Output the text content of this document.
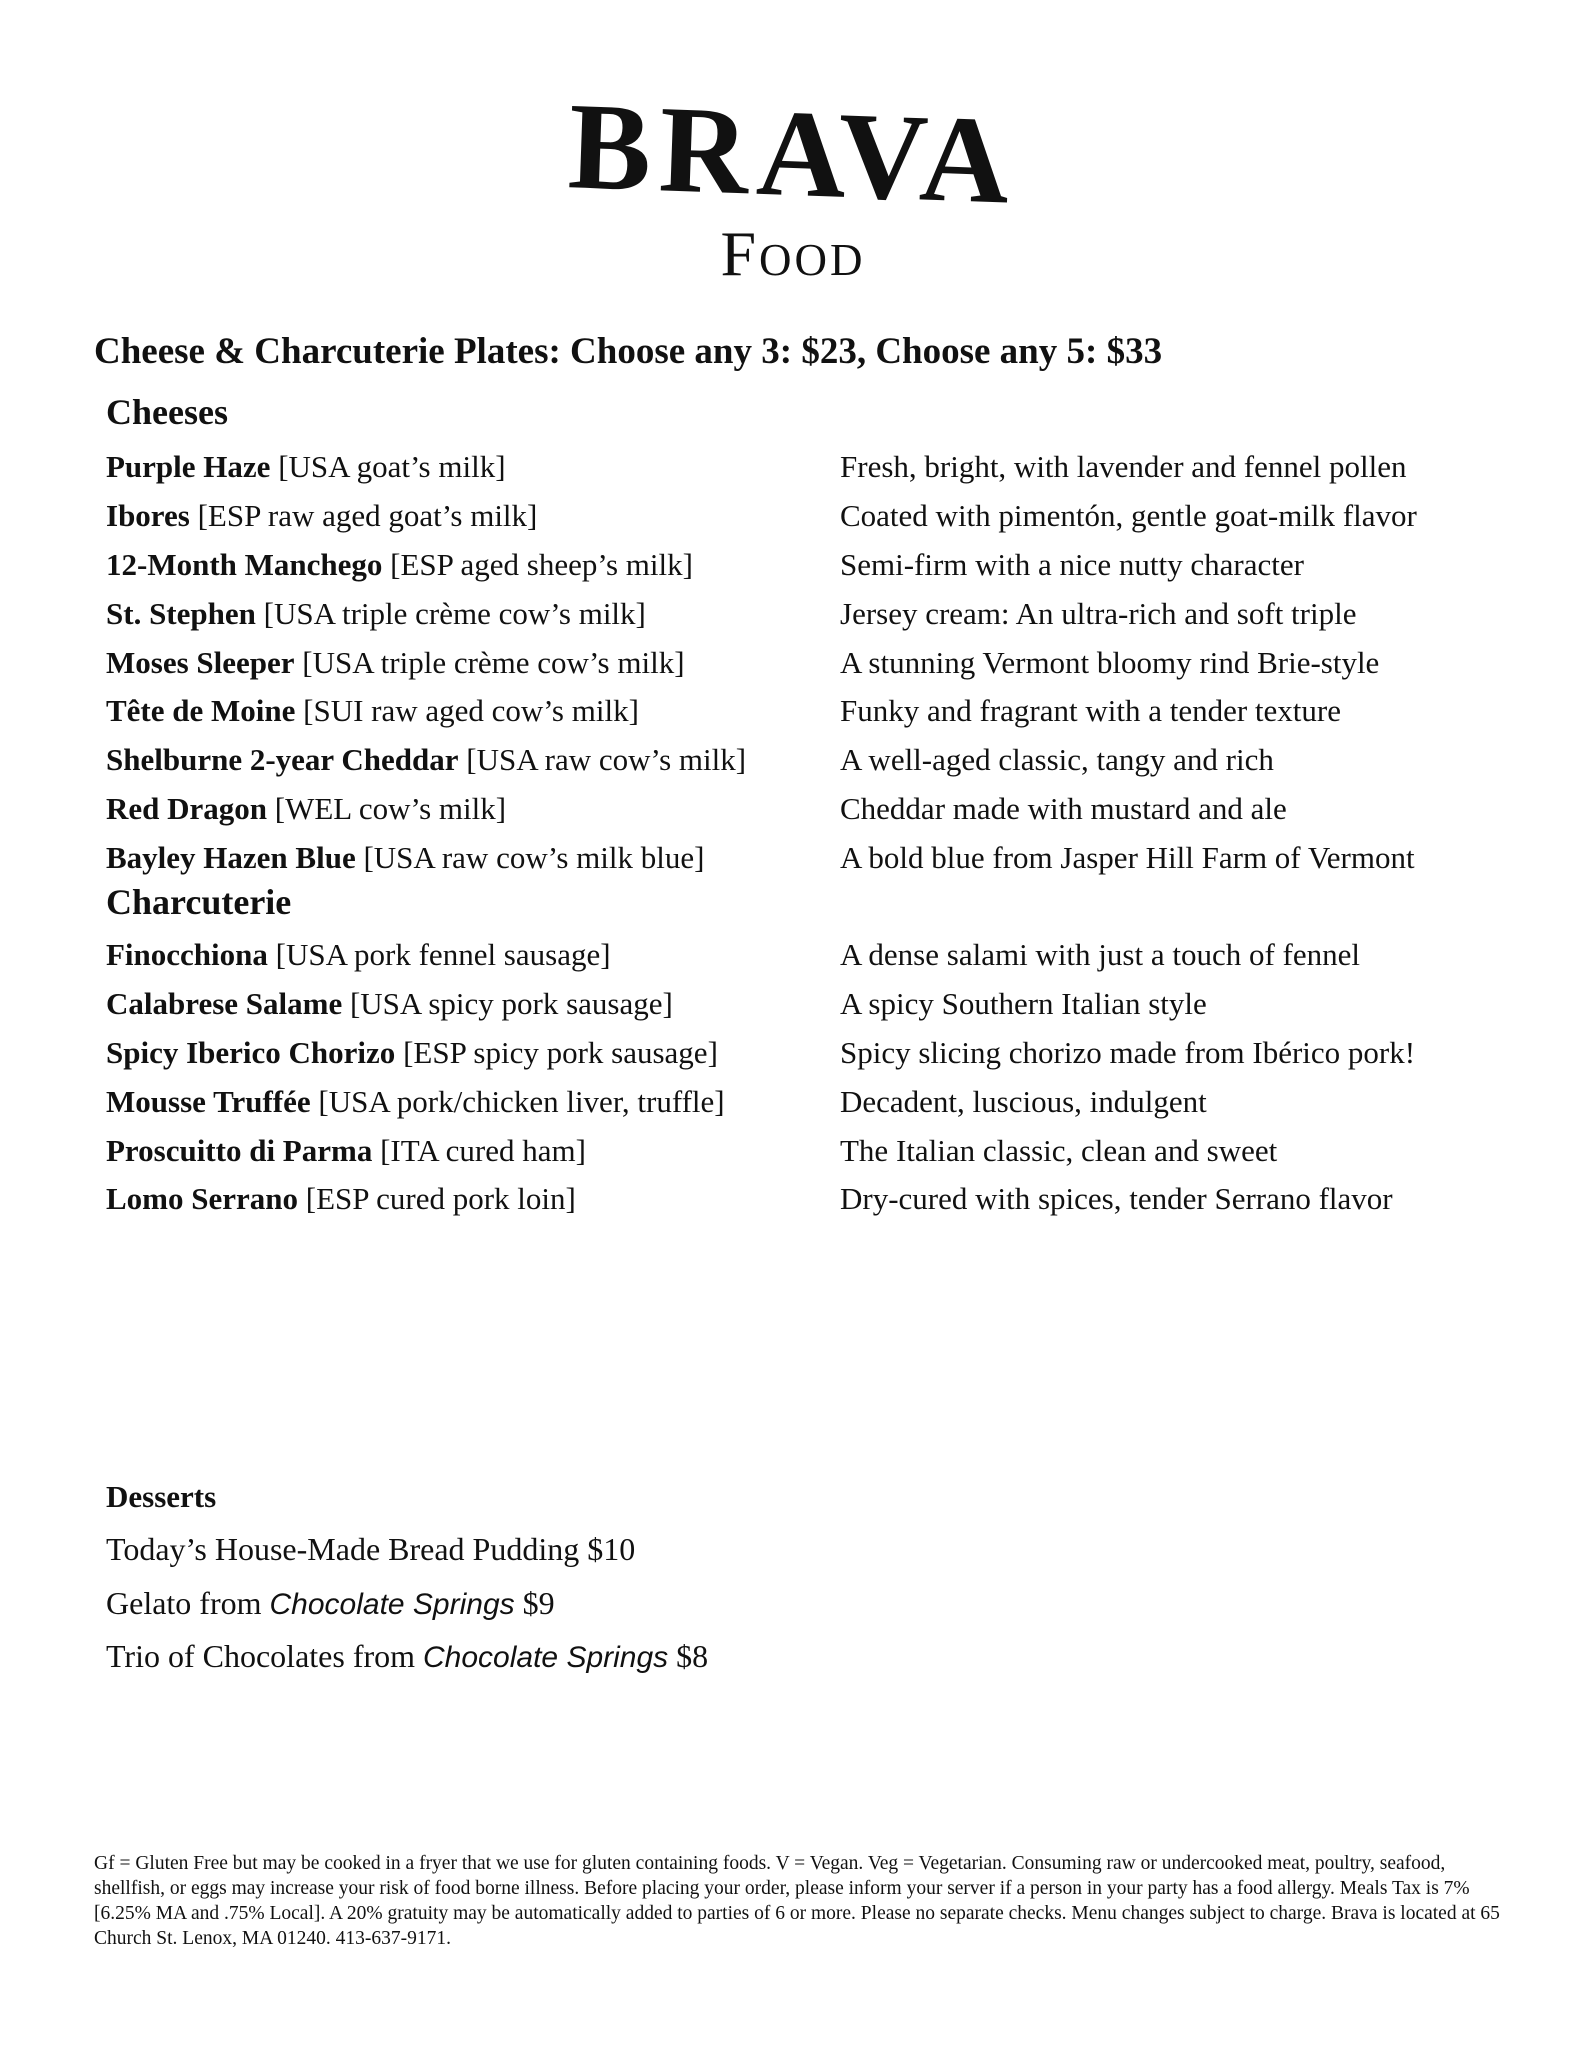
BRAVA
Food
Cheese & Charcuterie Plates: Choose any 3: $23, Choose any 5: $33
Cheeses
Purple Haze [USA goat’s milk]	Fresh, bright, with lavender and fennel pollen
Ibores [ESP raw aged goat’s milk]	Coated with pimentón, gentle goat-milk flavor
12-Month Manchego [ESP aged sheep’s milk]	Semi-firm with a nice nutty character
St. Stephen [USA triple crème cow’s milk]	Jersey cream: An ultra-rich and soft triple
Moses Sleeper [USA triple crème cow’s milk]	A stunning Vermont bloomy rind Brie-style
Tête de Moine [SUI raw aged cow’s milk]	Funky and fragrant with a tender texture
Shelburne 2-year Cheddar [USA raw cow’s milk]	A well-aged classic, tangy and rich
Red Dragon [WEL cow’s milk]	Cheddar made with mustard and ale
Bayley Hazen Blue [USA raw cow’s milk blue]	A bold blue from Jasper Hill Farm of Vermont
Charcuterie
Finocchiona [USA pork fennel sausage]	A dense salami with just a touch of fennel
Calabrese Salame [USA spicy pork sausage]	A spicy Southern Italian style
Spicy Iberico Chorizo [ESP spicy pork sausage]	Spicy slicing chorizo made from Ibérico pork!
Mousse Truffée [USA pork/chicken liver, truffle]	Decadent, luscious, indulgent
Proscuitto di Parma [ITA cured ham]	The Italian classic, clean and sweet
Lomo Serrano [ESP cured pork loin]	Dry-cured with spices, tender Serrano flavor
Desserts
Today’s House-Made Bread Pudding $10
Gelato from Chocolate Springs $9
Trio of Chocolates from Chocolate Springs $8
Gf = Gluten Free but may be cooked in a fryer that we use for gluten containing foods. V = Vegan. Veg = Vegetarian. Consuming raw or undercooked meat, poultry, seafood, shellfish, or eggs may increase your risk of food borne illness. Before placing your order, please inform your server if a person in your party has a food allergy. Meals Tax is 7% [6.25% MA and .75% Local]. A 20% gratuity may be automatically added to parties of 6 or more. Please no separate checks. Menu changes subject to charge. Brava is located at 65 Church St. Lenox, MA 01240. 413-637-9171.
